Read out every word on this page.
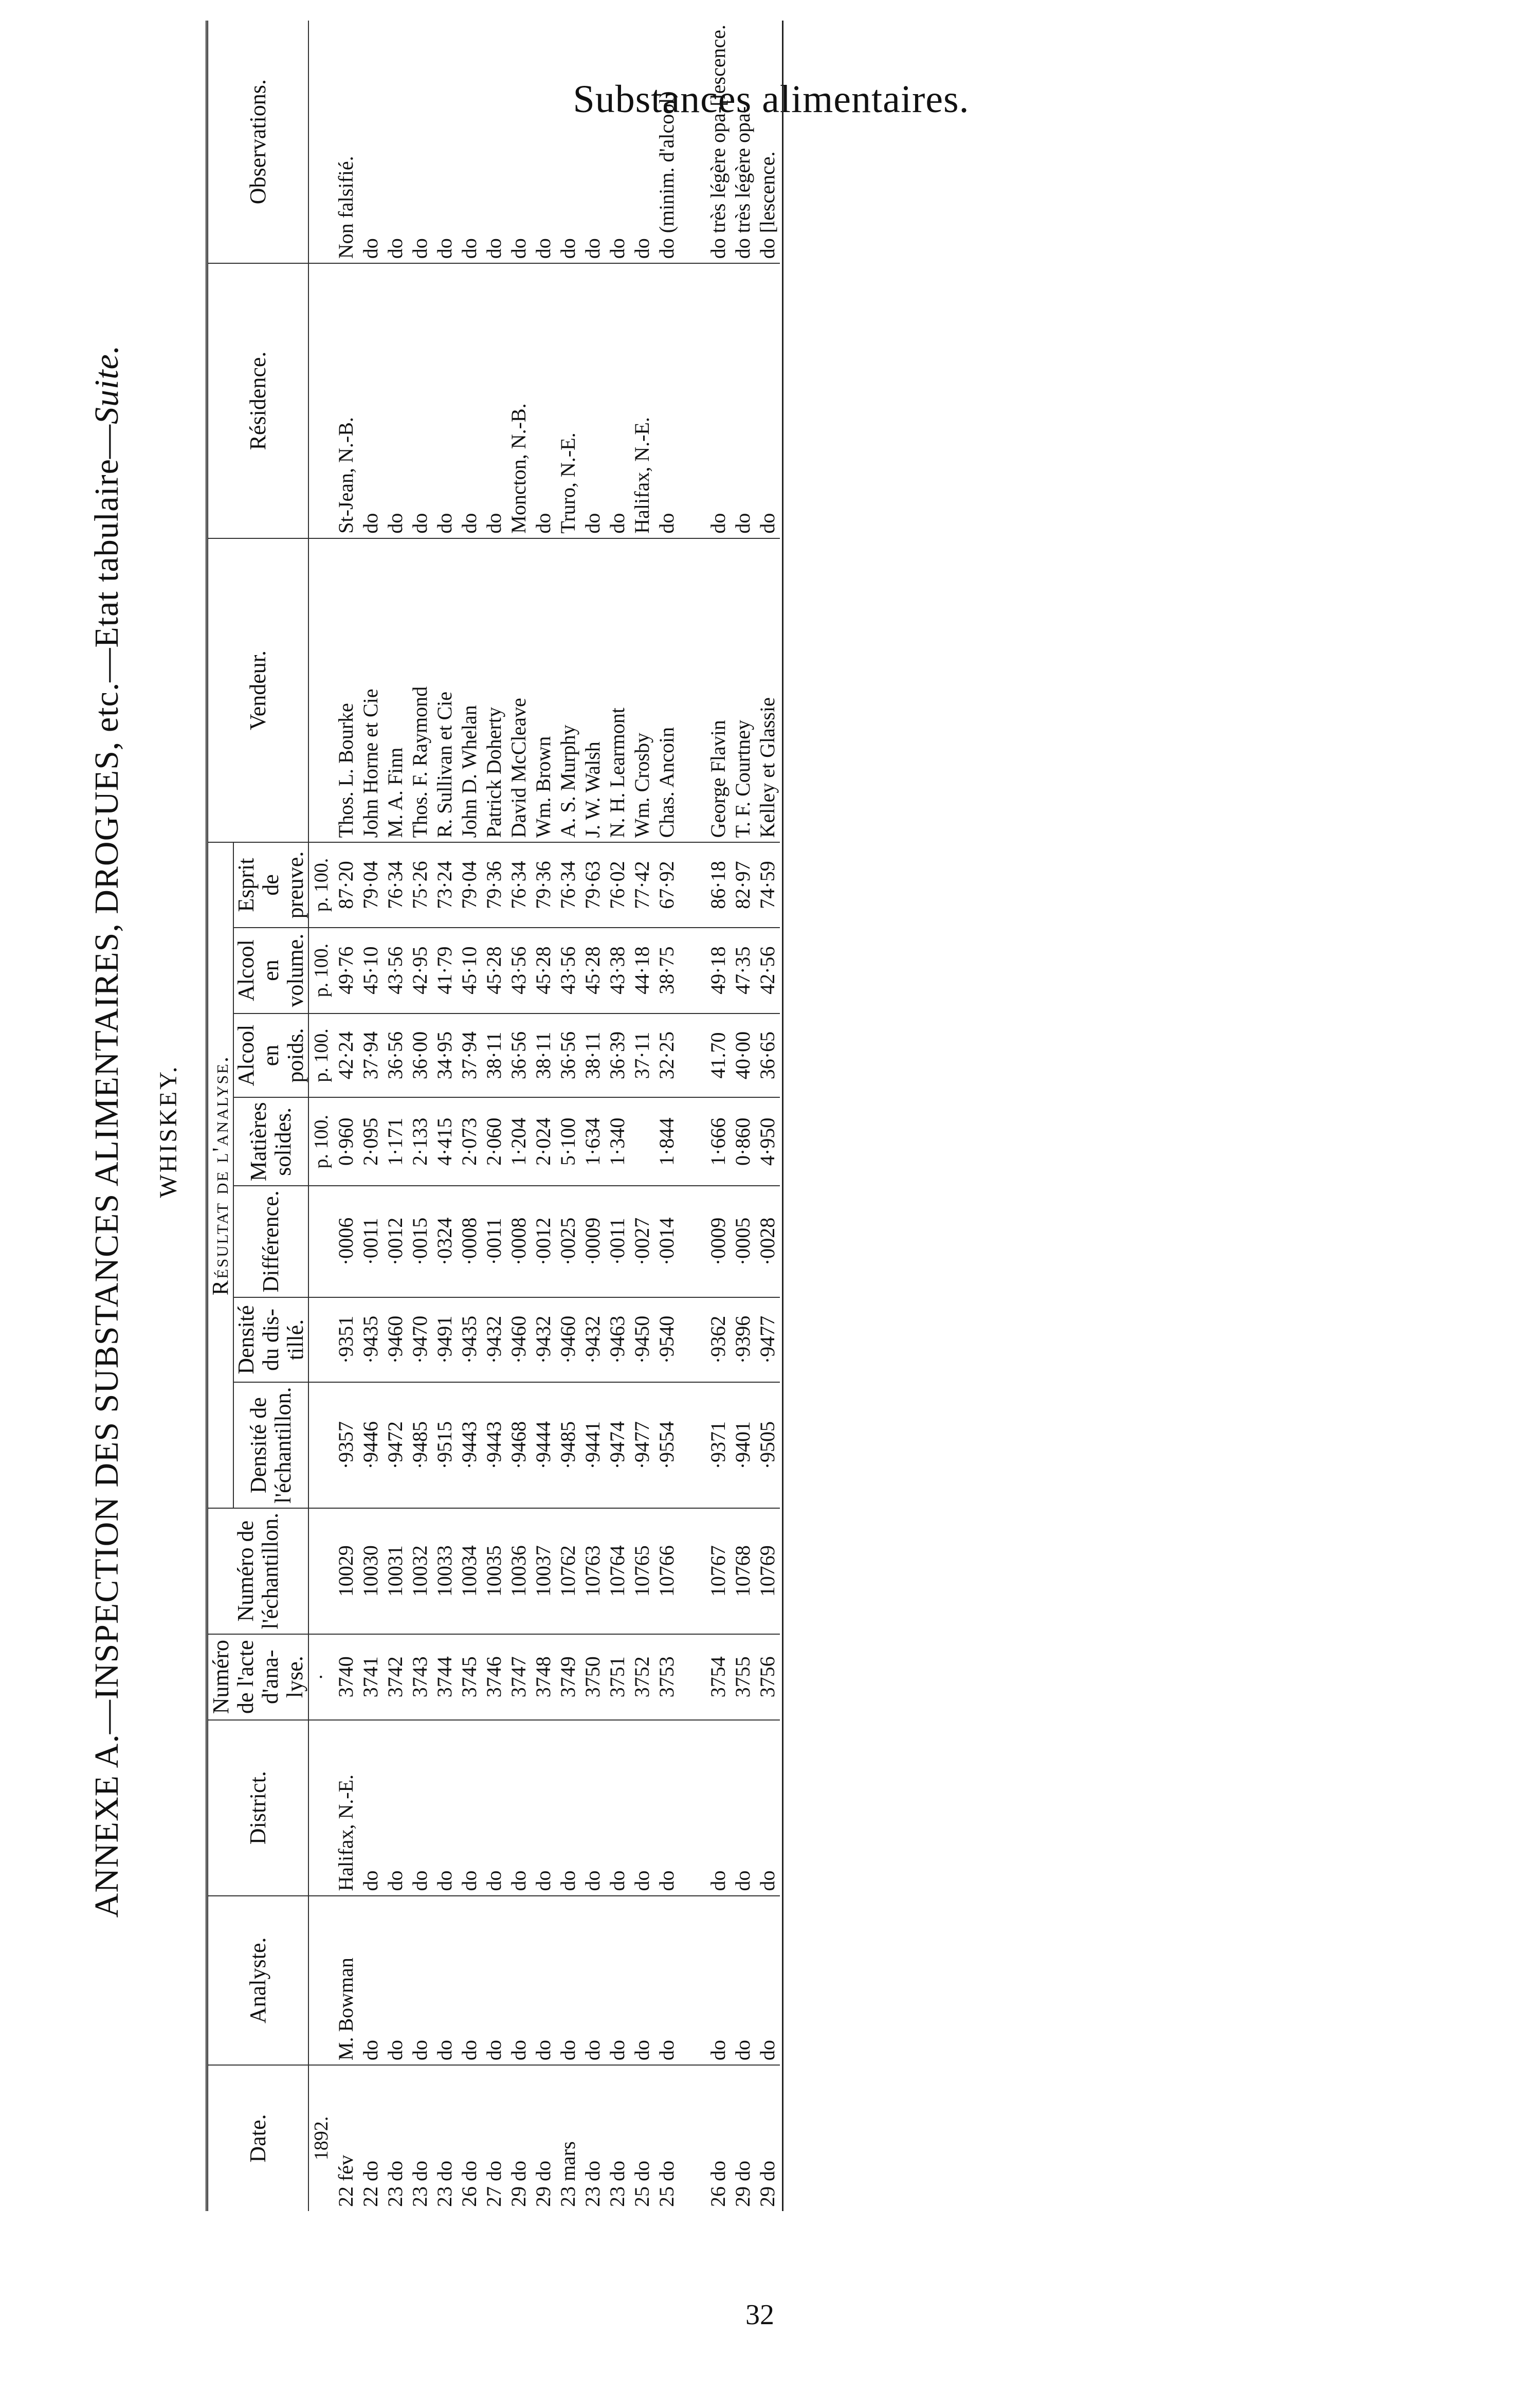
Substances alimentaires.
ANNEXE A.—INSPECTION DES SUBSTANCES ALIMENTAIRES, DROGUES, etc.—Etat tabulaire—Suite.
WHISKEY.
Date.	Analyste.	District.	Numéro de l'acte d'ana-lyse.	Numéro de l'échantillon.	Résultat de l'analyse.							Vendeur.	Résidence.	Observations.
					Densité de l'échantillon.	Densité du dis-tillé.	Différence.	Matières solides.	Alcool en poids.	Alcool en volume.	Esprit de preuve.			
1892.			·					p. 100.	p. 100.	p. 100.	p. 100.			
22 fév	M. Bowman	Halifax, N.-E.	3740	10029	·9357	·9351	·0006	0·960	42·24	49·76	87·20	Thos. L. Bourke	St-Jean, N.-B.	Non falsifié.
22 do	do	do	3741	10030	·9446	·9435	·0011	2·095	37·94	45·10	79·04	John Horne et Cie	do	do
23 do	do	do	3742	10031	·9472	·9460	·0012	1·171	36·56	43·56	76·34	M. A. Finn	do	do
23 do	do	do	3743	10032	·9485	·9470	·0015	2·133	36·00	42·95	75·26	Thos. F. Raymond	do	do
23 do	do	do	3744	10033	·9515	·9491	·0324	4·415	34·95	41·79	73·24	R. Sullivan et Cie	do	do
26 do	do	do	3745	10034	·9443	·9435	·0008	2·073	37·94	45·10	79·04	John D. Whelan	do	do
27 do	do	do	3746	10035	·9443	·9432	·0011	2·060	38·11	45·28	79·36	Patrick Doherty	do	do
29 do	do	do	3747	10036	·9468	·9460	·0008	1·204	36·56	43·56	76·34	David McCleave	Moncton, N.-B.	do
29 do	do	do	3748	10037	·9444	·9432	·0012	2·024	38·11	45·28	79·36	Wm. Brown	do	do
23 mars	do	do	3749	10762	·9485	·9460	·0025	5·100	36·56	43·56	76·34	A. S. Murphy	Truro, N.-E.	do
23 do	do	do	3750	10763	·9441	·9432	·0009	1·634	38·11	45·28	79·63	J. W. Walsh	do	do
23 do	do	do	3751	10764	·9474	·9463	·0011	1·340	36·39	43·38	76·02	N. H. Learmont	do	do
25 do	do	do	3752	10765	·9477	·9450	·0027		37·11	44·18	77·42	Wm. Crosby	Halifax, N.-E.	do
25 do	do	do	3753	10766	·9554	·9540	·0014	1·844	32·25	38·75	67·92	Chas. Ancoin	do	do (minim. d'alcool)

26 do	do	do	3754	10767	·9371	·9362	·0009	1·666	41.70	49·18	86·18	George Flavin	do	do très légère opa-[lescence.
29 do	do	do	3755	10768	·9401	·9396	·0005	0·860	40·00	47·35	82·97	T. F. Courtney	do	do très légère opa-
29 do	do	do	3756	10769	·9505	·9477	·0028	4·950	36·65	42·56	74·59	Kelley et Glassie	do	do [lescence.

32
